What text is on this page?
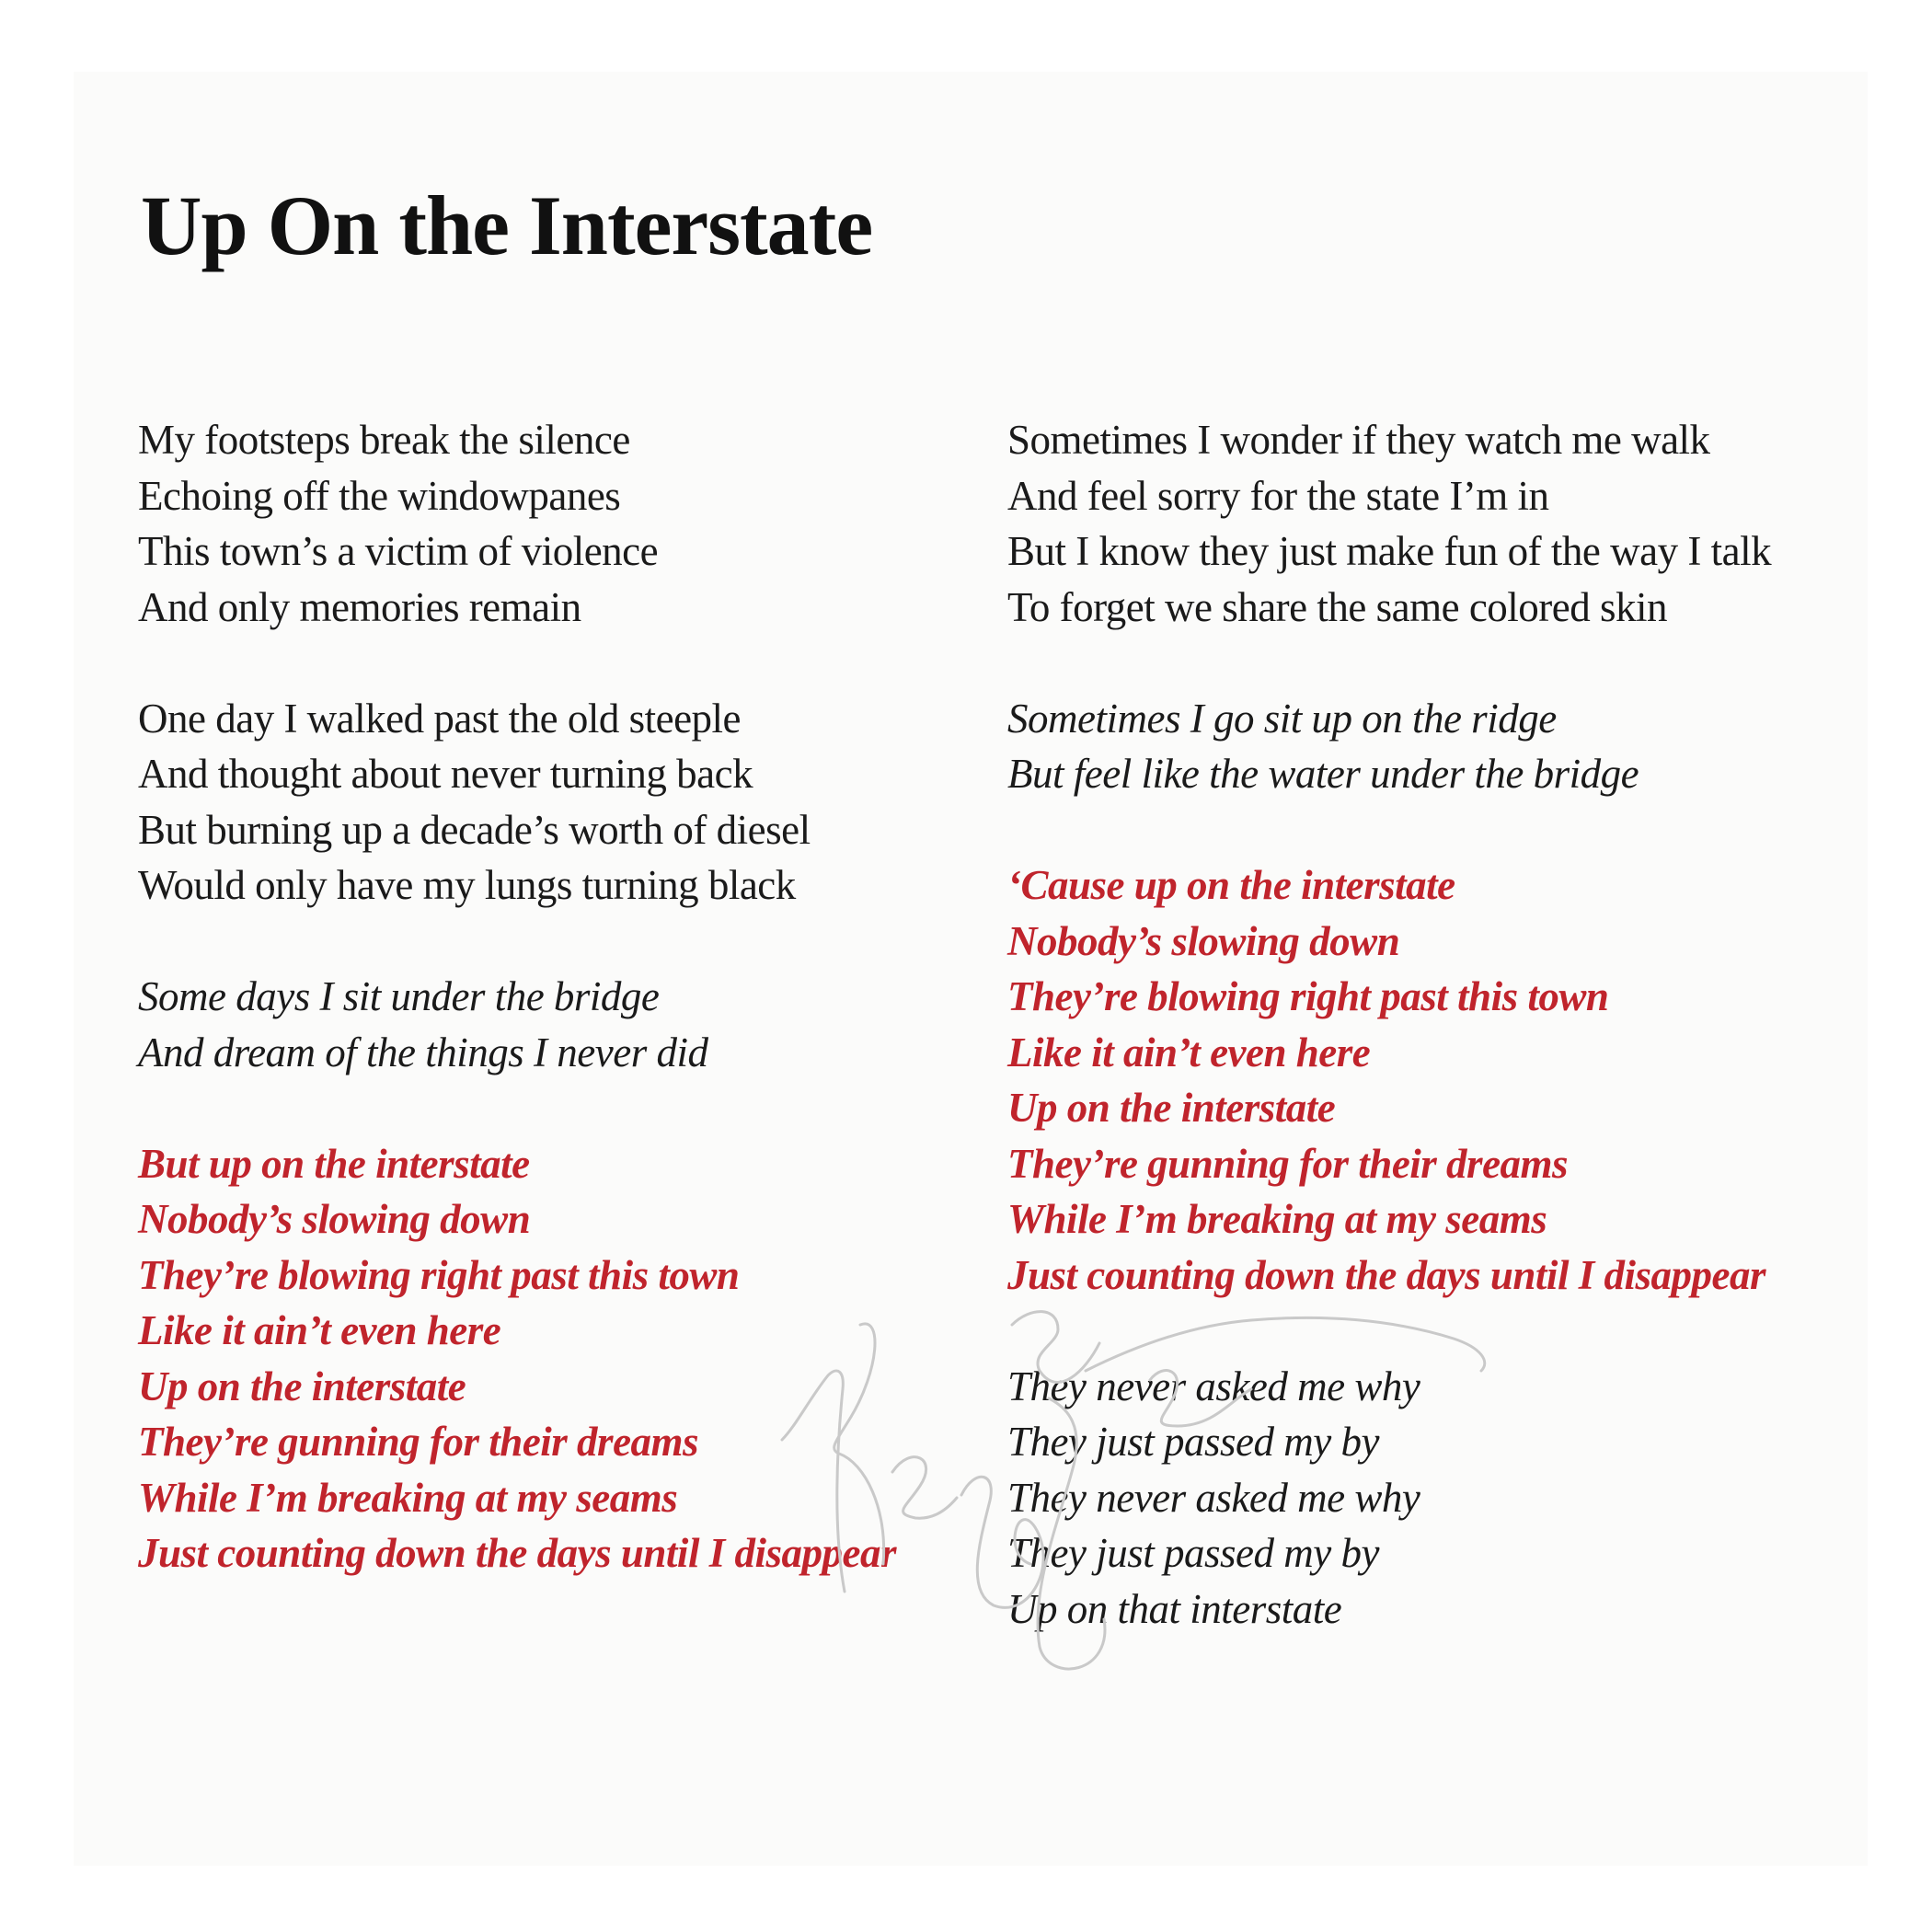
Up On the Interstate
My footsteps break the silence
Echoing off the windowpanes
This town’s a victim of violence
And only memories remain
One day I walked past the old steeple
And thought about never turning back
But burning up a decade’s worth of diesel
Would only have my lungs turning black
Some days I sit under the bridge
And dream of the things I never did
But up on the interstate
Nobody’s slowing down
They’re blowing right past this town
Like it ain’t even here
Up on the interstate
They’re gunning for their dreams
While I’m breaking at my seams
Just counting down the days until I disappear
Sometimes I wonder if they watch me walk
And feel sorry for the state I’m in
But I know they just make fun of the way I talk
To forget we share the same colored skin
Sometimes I go sit up on the ridge
But feel like the water under the bridge
‘Cause up on the interstate
Nobody’s slowing down
They’re blowing right past this town
Like it ain’t even here
Up on the interstate
They’re gunning for their dreams
While I’m breaking at my seams
Just counting down the days until I disappear
They never asked me why
They just passed my by
They never asked me why
They just passed my by
Up on that interstate
